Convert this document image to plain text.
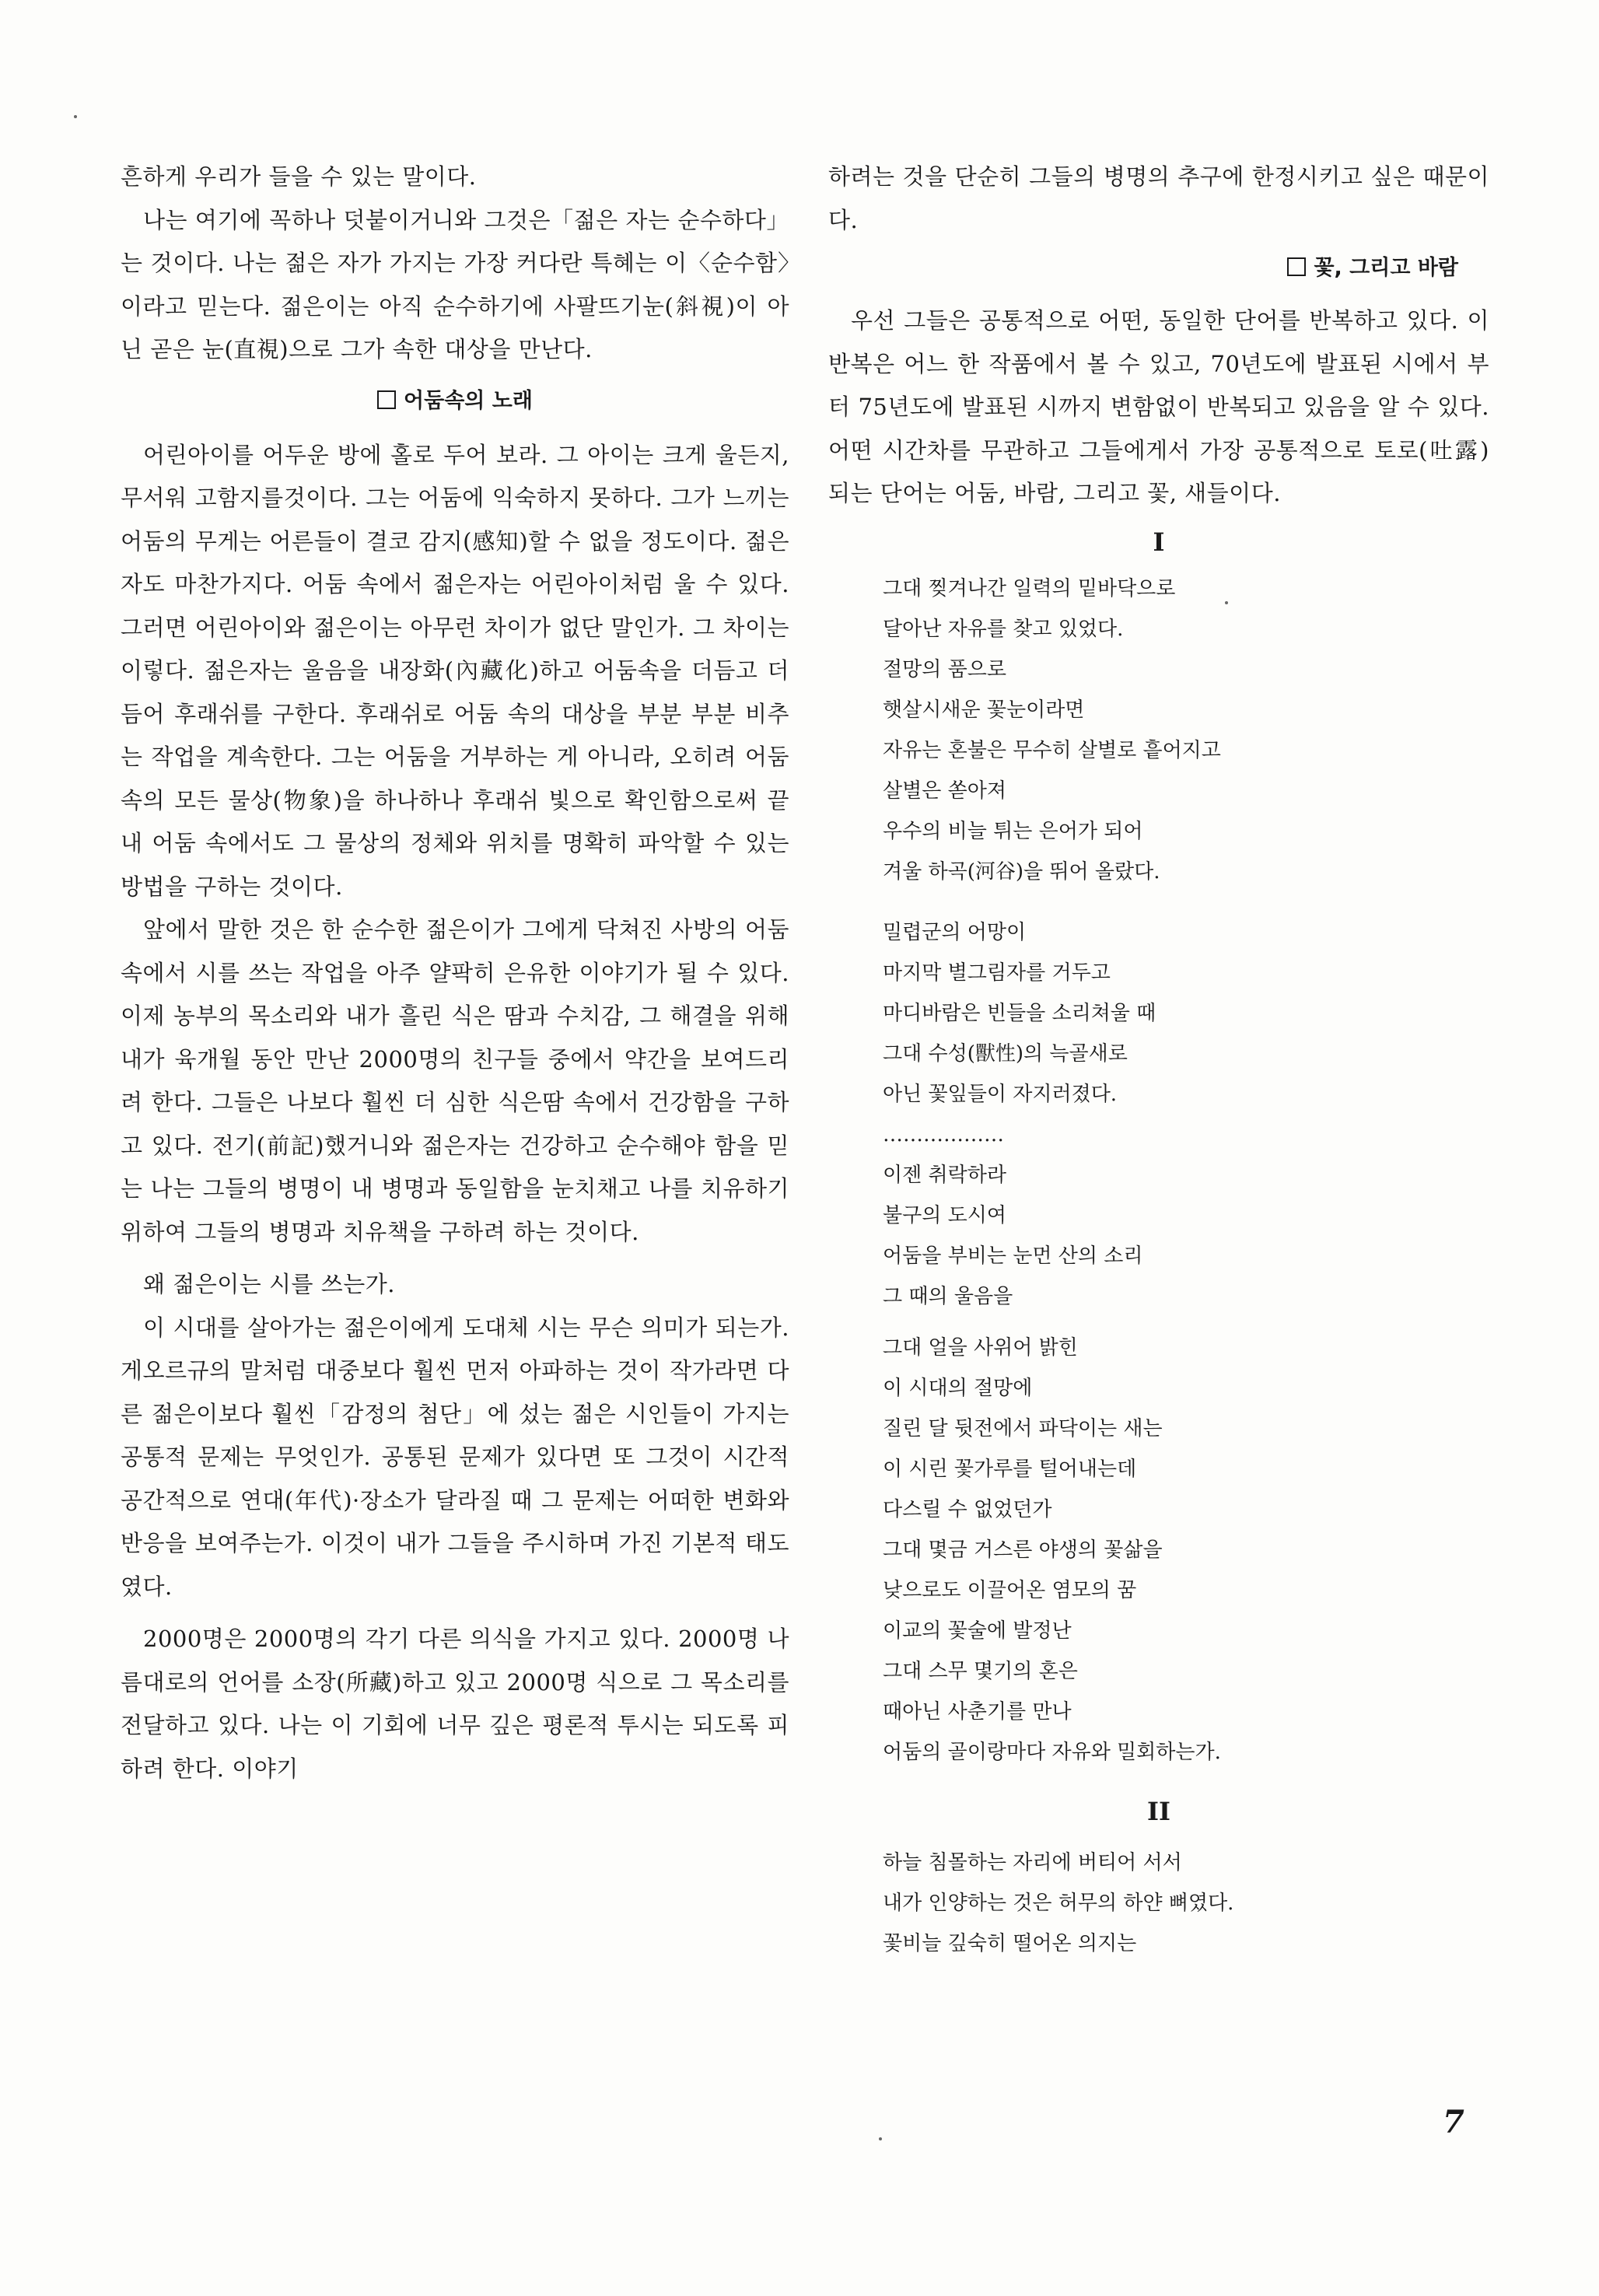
흔하게 우리가 들을 수 있는 말이다.

나는 여기에 꼭하나 덧붙이거니와 그것은「젊은 자는 순수하다」는 것이다. 나는 젊은 자가 가지는 가장 커다란 특혜는 이〈순수함〉이라고 믿는다. 젊은이는 아직 순수하기에 사팔뜨기눈(斜視)이 아닌 곧은 눈(直視)으로 그가 속한 대상을 만난다.

어둠속의 노래

어린아이를 어두운 방에 홀로 두어 보라. 그 아이는 크게 울든지, 무서워 고함지를것이다. 그는 어둠에 익숙하지 못하다. 그가 느끼는 어둠의 무게는 어른들이 결코 감지(感知)할 수 없을 정도이다. 젊은자도 마찬가지다. 어둠 속에서 젊은자는 어린아이처럼 울 수 있다. 그러면 어린아이와 젊은이는 아무런 차이가 없단 말인가. 그 차이는 이렇다. 젊은자는 울음을 내장화(內藏化)하고 어둠속을 더듬고 더듬어 후래쉬를 구한다. 후래쉬로 어둠 속의 대상을 부분 부분 비추는 작업을 계속한다. 그는 어둠을 거부하는 게 아니라, 오히려 어둠 속의 모든 물상(物象)을 하나하나 후래쉬 빛으로 확인함으로써 끝내 어둠 속에서도 그 물상의 정체와 위치를 명확히 파악할 수 있는 방법을 구하는 것이다.

앞에서 말한 것은 한 순수한 젊은이가 그에게 닥쳐진 사방의 어둠 속에서 시를 쓰는 작업을 아주 얄팍히 은유한 이야기가 될 수 있다. 이제 농부의 목소리와 내가 흘린 식은 땀과 수치감, 그 해결을 위해 내가 육개월 동안 만난 2000명의 친구들 중에서 약간을 보여드리려 한다. 그들은 나보다 훨씬 더 심한 식은땀 속에서 건강함을 구하고 있다. 전기(前記)했거니와 젊은자는 건강하고 순수해야 함을 믿는 나는 그들의 병명이 내 병명과 동일함을 눈치채고 나를 치유하기 위하여 그들의 병명과 치유책을 구하려 하는 것이다.

왜 젊은이는 시를 쓰는가.

이 시대를 살아가는 젊은이에게 도대체 시는 무슨 의미가 되는가. 게오르규의 말처럼 대중보다 훨씬 먼저 아파하는 것이 작가라면 다른 젊은이보다 훨씬「감정의 첨단」에 섰는 젊은 시인들이 가지는 공통적 문제는 무엇인가. 공통된 문제가 있다면 또 그것이 시간적 공간적으로 연대(年代)·장소가 달라질 때 그 문제는 어떠한 변화와 반응을 보여주는가. 이것이 내가 그들을 주시하며 가진 기본적 태도였다.

2000명은 2000명의 각기 다른 의식을 가지고 있다. 2000명 나름대로의 언어를 소장(所藏)하고 있고 2000명 식으로 그 목소리를 전달하고 있다. 나는 이 기회에 너무 깊은 평론적 투시는 되도록 피하려 한다. 이야기

하려는 것을 단순히 그들의 병명의 추구에 한정시키고 싶은 때문이다.

꽃, 그리고 바람

우선 그들은 공통적으로 어떤, 동일한 단어를 반복하고 있다. 이 반복은 어느 한 작품에서 볼 수 있고, 70년도에 발표된 시에서 부터 75년도에 발표된 시까지 변함없이 반복되고 있음을 알 수 있다. 어떤 시간차를 무관하고 그들에게서 가장 공통적으로 토로(吐露)되는 단어는 어둠, 바람, 그리고 꽃, 새들이다.

I

그대 찢겨나간 일력의 밑바닥으로
달아난 자유를 찾고 있었다.
절망의 품으로
햇살시새운 꽃눈이라면
자유는 혼불은 무수히 살별로 흩어지고
살별은 쏟아져
우수의 비늘 튀는 은어가 되어
겨울 하곡(河谷)을 뛰어 올랐다.
밀렵군의 어망이
마지막 별그림자를 거두고
마디바람은 빈들을 소리쳐울 때
그대 수성(獸性)의 늑골새로
아닌 꽃잎들이 자지러졌다.
………………
이젠 취락하라
불구의 도시여
어둠을 부비는 눈먼 산의 소리
그 때의 울음을
그대 얼을 사위어 밝힌
이 시대의 절망에
질린 달 뒷전에서 파닥이는 새는
이 시린 꽃가루를 털어내는데
다스릴 수 없었던가
그대 몇금 거스른 야생의 꽃삶을
낮으로도 이끌어온 염모의 꿈
이교의 꽃술에 발정난
그대 스무 몇기의 혼은
때아닌 사춘기를 만나
어둠의 골이랑마다 자유와 밀회하는가.

II

하늘 침몰하는 자리에 버티어 서서
내가 인양하는 것은 허무의 하얀 뼈였다.
꽃비늘 깊숙히 떨어온 의지는
7
